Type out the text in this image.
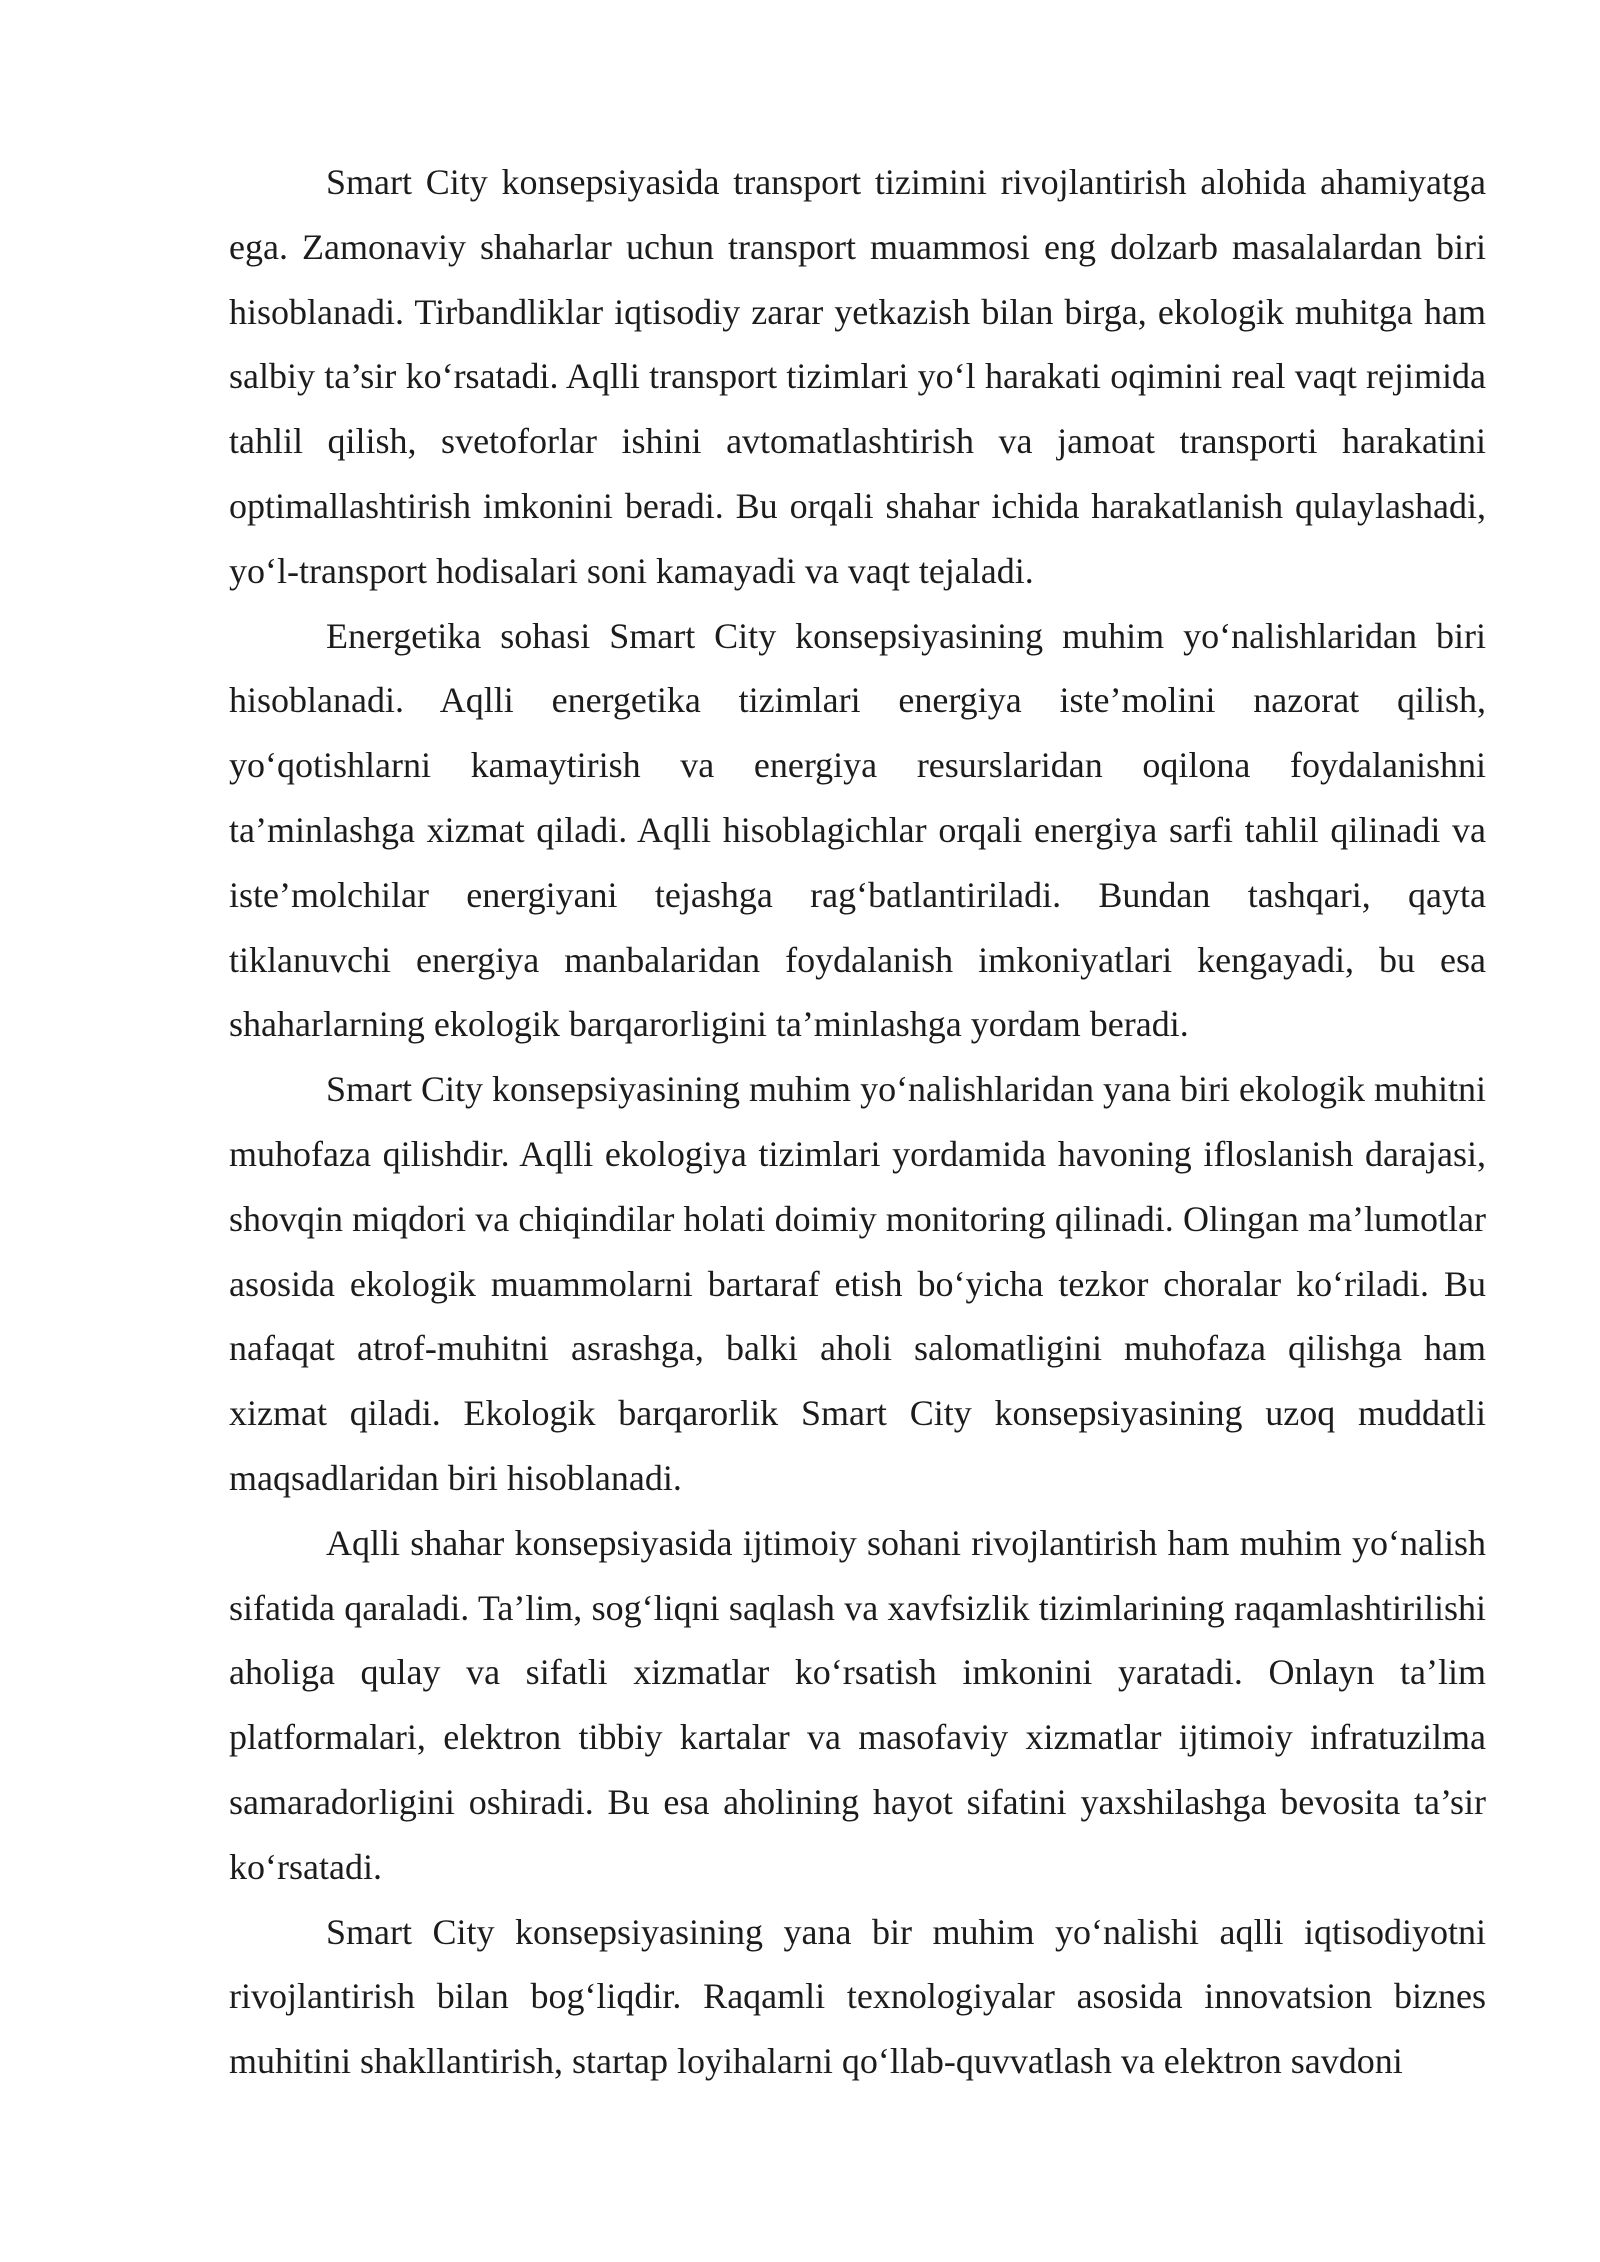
Smart City konsepsiyasida transport tizimini rivojlantirish alohida ahamiyatga ega. Zamonaviy shaharlar uchun transport muammosi eng dolzarb masalalardan biri hisoblanadi. Tirbandliklar iqtisodiy zarar yetkazish bilan birga, ekologik muhitga ham salbiy ta’sir ko‘rsatadi. Aqlli transport tizimlari yo‘l harakati oqimini real vaqt rejimida tahlil qilish, svetoforlar ishini avtomatlashtirish va jamoat transporti harakatini optimallashtirish imkonini beradi. Bu orqali shahar ichida harakatlanish qulaylashadi, yo‘l-transport hodisalari soni kamayadi va vaqt tejaladi.

Energetika sohasi Smart City konsepsiyasining muhim yo‘nalishlaridan biri hisoblanadi. Aqlli energetika tizimlari energiya iste’molini nazorat qilish, yo‘qotishlarni kamaytirish va energiya resurslaridan oqilona foydalanishni ta’minlashga xizmat qiladi. Aqlli hisoblagichlar orqali energiya sarfi tahlil qilinadi va iste’molchilar energiyani tejashga rag‘batlantiriladi. Bundan tashqari, qayta tiklanuvchi energiya manbalaridan foydalanish imkoniyatlari kengayadi, bu esa shaharlarning ekologik barqarorligini ta’minlashga yordam beradi.

Smart City konsepsiyasining muhim yo‘nalishlaridan yana biri ekologik muhitni muhofaza qilishdir. Aqlli ekologiya tizimlari yordamida havoning ifloslanish darajasi, shovqin miqdori va chiqindilar holati doimiy monitoring qilinadi. Olingan ma’lumotlar asosida ekologik muammolarni bartaraf etish bo‘yicha tezkor choralar ko‘riladi. Bu nafaqat atrof-muhitni asrashga, balki aholi salomatligini muhofaza qilishga ham xizmat qiladi. Ekologik barqarorlik Smart City konsepsiyasining uzoq muddatli maqsadlaridan biri hisoblanadi.

Aqlli shahar konsepsiyasida ijtimoiy sohani rivojlantirish ham muhim yo‘nalish sifatida qaraladi. Ta’lim, sog‘liqni saqlash va xavfsizlik tizimlarining raqamlashtirilishi aholiga qulay va sifatli xizmatlar ko‘rsatish imkonini yaratadi. Onlayn ta’lim platformalari, elektron tibbiy kartalar va masofaviy xizmatlar ijtimoiy infratuzilma samaradorligini oshiradi. Bu esa aholining hayot sifatini yaxshilashga bevosita ta’sir ko‘rsatadi.

Smart City konsepsiyasining yana bir muhim yo‘nalishi aqlli iqtisodiyotni rivojlantirish bilan bog‘liqdir. Raqamli texnologiyalar asosida innovatsion biznes muhitini shakllantirish, startap loyihalarni qo‘llab-quvvatlash va elektron savdoni
